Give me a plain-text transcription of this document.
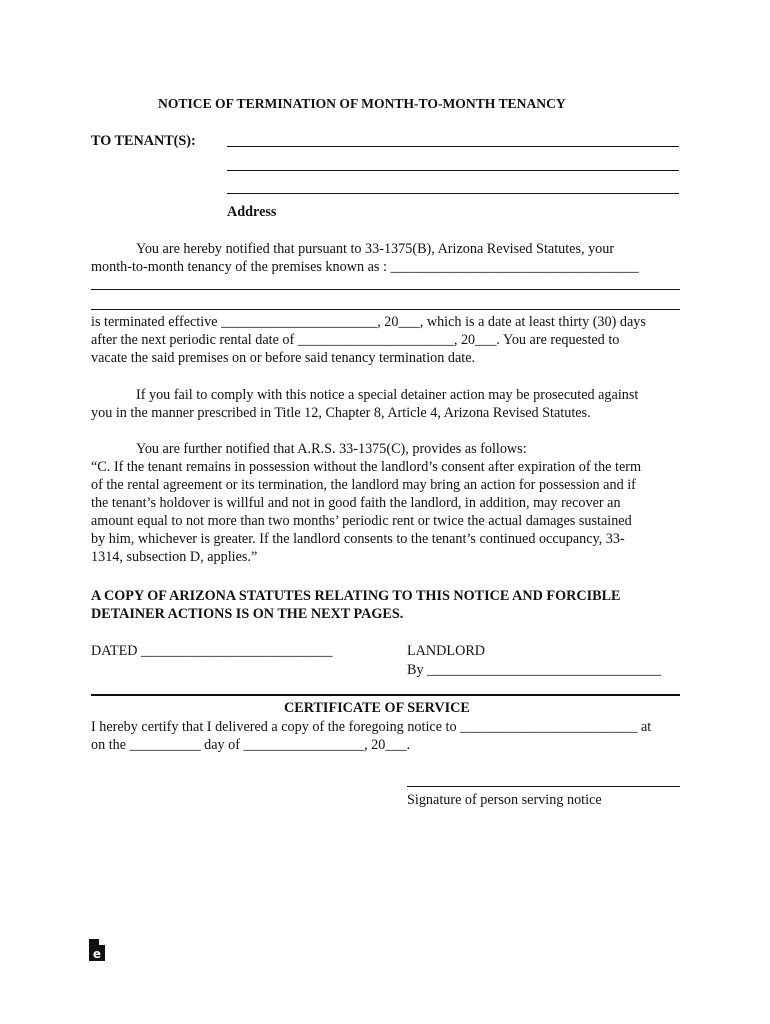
NOTICE OF TERMINATION OF MONTH-TO-MONTH TENANCY
TO TENANT(S):
Address
You are hereby notified that pursuant to 33-1375(B), Arizona Revised Statutes, your
month-to-month tenancy of the premises known as : ___________________________________
is terminated effective ______________________, 20___, which is a date at least thirty (30) days
after the next periodic rental date of ______________________, 20___. You are requested to
vacate the said premises on or before said tenancy termination date.
If you fail to comply with this notice a special detainer action may be prosecuted against
you in the manner prescribed in Title 12, Chapter 8, Article 4, Arizona Revised Statutes.
You are further notified that A.R.S. 33-1375(C), provides as follows:
“C. If the tenant remains in possession without the landlord’s consent after expiration of the term
of the rental agreement or its termination, the landlord may bring an action for possession and if
the tenant’s holdover is willful and not in good faith the landlord, in addition, may recover an
amount equal to not more than two months’ periodic rent or twice the actual damages sustained
by him, whichever is greater. If the landlord consents to the tenant’s continued occupancy, 33-
1314, subsection D, applies.”
A COPY OF ARIZONA STATUTES RELATING TO THIS NOTICE AND FORCIBLE
DETAINER ACTIONS IS ON THE NEXT PAGES.
DATED ___________________________	LANDLORD
By _________________________________
CERTIFICATE OF SERVICE
I hereby certify that I delivered a copy of the foregoing notice to _________________________ at
on the __________ day of _________________, 20___.
Signature of person serving notice
e
